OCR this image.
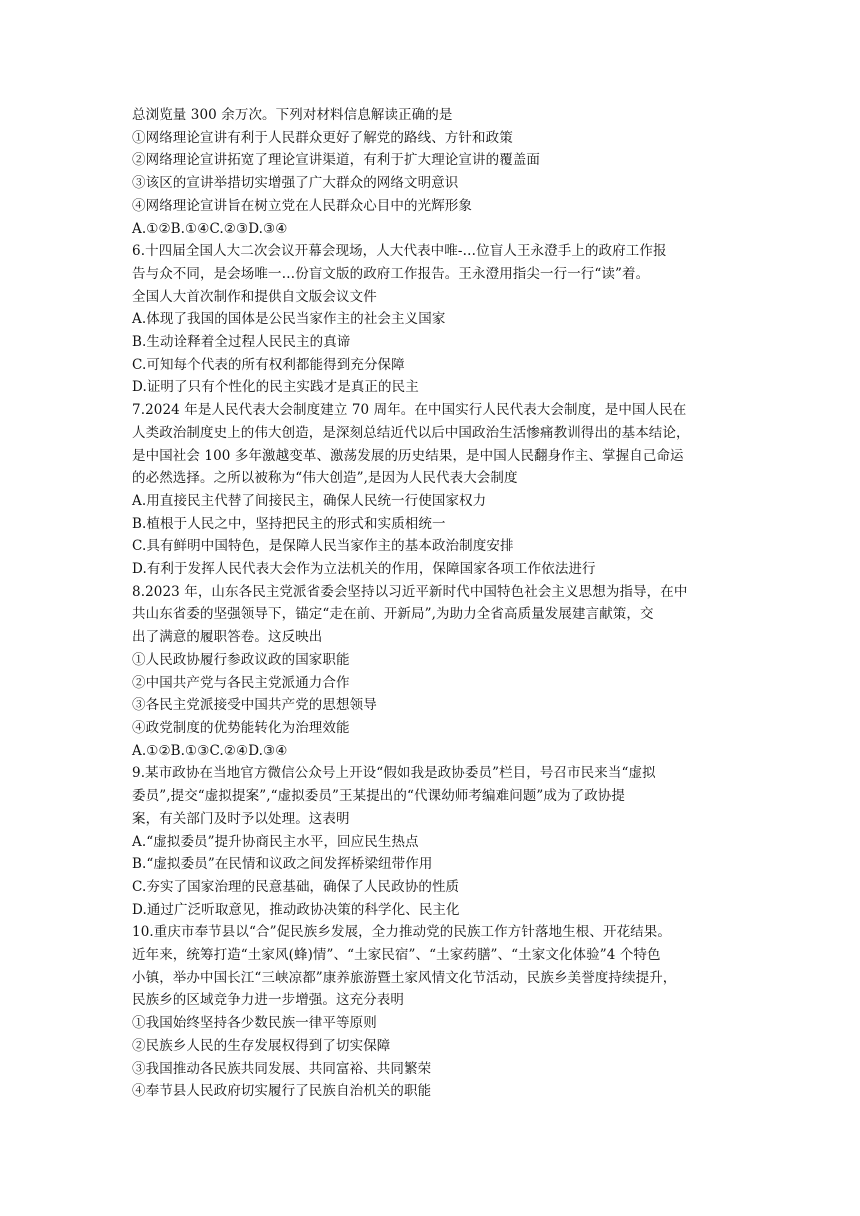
总浏览量 300 余万次。下列对材料信息解读正确的是
①网络理论宣讲有利于人民群众更好了解党的路线、方针和政策
②网络理论宣讲拓宽了理论宣讲渠道，有利于扩大理论宣讲的覆盖面
③该区的宣讲举措切实增强了广大群众的网络文明意识
④网络理论宣讲旨在树立党在人民群众心目中的光辉形象
A.①②B.①④C.②③D.③④
6.十四届全国人大二次会议开幕会现场，人大代表中唯-…位盲人王永澄手上的政府工作报
告与众不同，是会场唯一…份盲文版的政府工作报告。王永澄用指尖一行一行“读”着。
全国人大首次制作和提供自文版会议文件
A.体现了我国的国体是公民当家作主的社会主义国家
B.生动诠释着全过程人民民主的真谛
C.可知每个代表的所有权利都能得到充分保障
D.证明了只有个性化的民主实践才是真正的民主
7.2024 年是人民代表大会制度建立 70 周年。在中国实行人民代表大会制度，是中国人民在
人类政治制度史上的伟大创造，是深刻总结近代以后中国政治生活惨痛教训得出的基本结论，
是中国社会 100 多年激越变革、激荡发展的历史结果，是中国人民翻身作主、掌握自己命运
的必然选择。之所以被称为“伟大创造”,是因为人民代表大会制度
A.用直接民主代替了间接民主，确保人民统一行使国家权力
B.植根于人民之中，坚持把民主的形式和实质相统一
C.具有鲜明中国特色，是保障人民当家作主的基本政治制度安排
D.有利于发挥人民代表大会作为立法机关的作用，保障国家各项工作依法进行
8.2023 年，山东各民主党派省委会坚持以习近平新时代中国特色社会主义思想为指导，在中
共山东省委的坚强领导下，锚定“走在前、开新局”,为助力全省高质量发展建言献策，交
出了满意的履职答卷。这反映出
①人民政协履行参政议政的国家职能
②中国共产党与各民主党派通力合作
③各民主党派接受中国共产党的思想领导
④政党制度的优势能转化为治理效能
A.①②B.①③C.②④D.③④
9.某市政协在当地官方微信公众号上开设“假如我是政协委员”栏目，号召市民来当“虚拟
委员”,提交“虚拟提案”,“虚拟委员”王某提出的“代课幼师考编难问题”成为了政协提
案，有关部门及时予以处理。这表明
A.“虚拟委员”提升协商民主水平，回应民生热点
B.“虚拟委员”在民情和议政之间发挥桥梁纽带作用
C.夯实了国家治理的民意基础，确保了人民政协的性质
D.通过广泛听取意见，推动政协决策的科学化、民主化
10.重庆市奉节县以“合”促民族乡发展，全力推动党的民族工作方针落地生根、开花结果。
近年来，统筹打造“土家风(蜂)情”、“土家民宿”、“土家药膳”、“土家文化体验”4 个特色
小镇，举办中国长江“三峡凉都”康养旅游暨土家风情文化节活动，民族乡美誉度持续提升，
民族乡的区域竞争力进一步增强。这充分表明
①我国始终坚持各少数民族一律平等原则
②民族乡人民的生存发展权得到了切实保障
③我国推动各民族共同发展、共同富裕、共同繁荣
④奉节县人民政府切实履行了民族自治机关的职能
